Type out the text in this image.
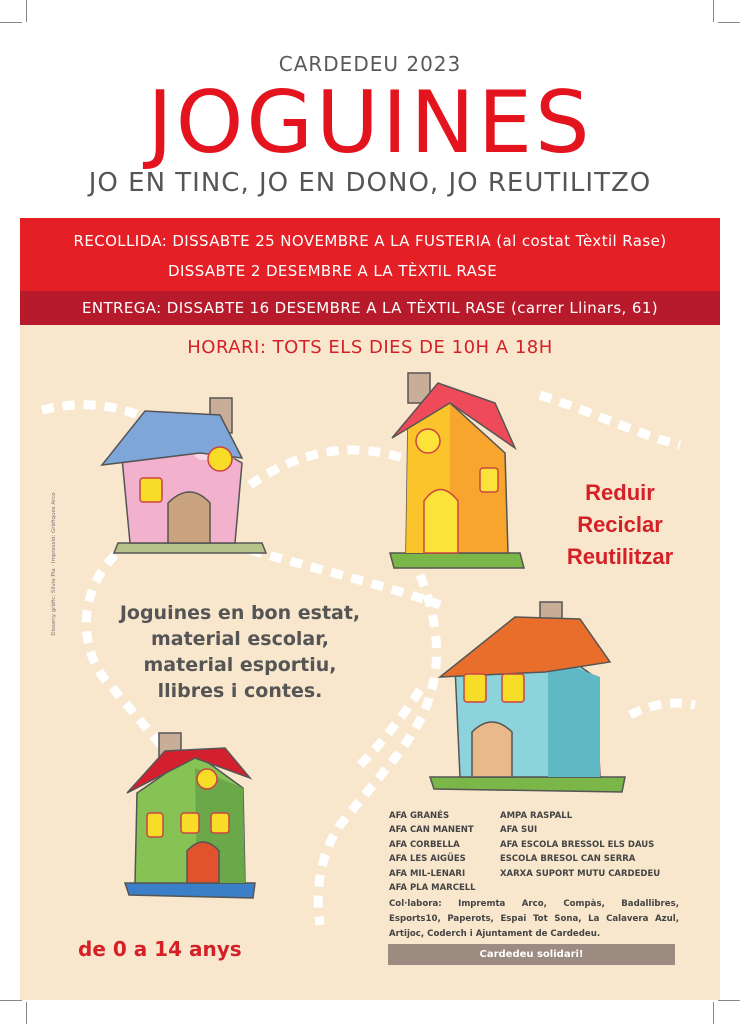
CARDEDEU 2023
JOGUINES
JO EN TINC, JO EN DONO, JO REUTILITZO
RECOLLIDA: DISSABTE 25 NOVEMBRE A LA FUSTERIA (al costat Tèxtil Rase)
DISSABTE 2 DESEMBRE A LA TÈXTIL RASE
ENTREGA: DISSABTE 16 DESEMBRE A LA TÈXTIL RASE (carrer Llinars, 61)
HORARI: TOTS ELS DIES DE 10H A 18H
Reduir
Reciclar
Reutilitzar
Joguines en bon estat,
material escolar,
material esportiu,
llibres i contes.
AFA GRANÉS
AFA CAN MANENT
AFA CORBELLA
AFA LES AIGÜES
AFA MIL-LENARI
AFA PLA MARCELL
AMPA RASPALL
AFA SUI
AFA ESCOLA BRESSOL ELS DAUS
ESCOLA BRESOL CAN SERRA
XARXA SUPORT MUTU CARDEDEU
Col·labora: Impremta Arco, Compàs, Badallibres, Esports10, Paperots, Espai Tot Sona, La Calavera Azul, Artijoc, Coderch i Ajuntament de Cardedeu.
Cardedeu solidari!
de 0 a 14 anys
Disseny gràfic: Sílvia Pla · Impressió: Gràfiques Arco
